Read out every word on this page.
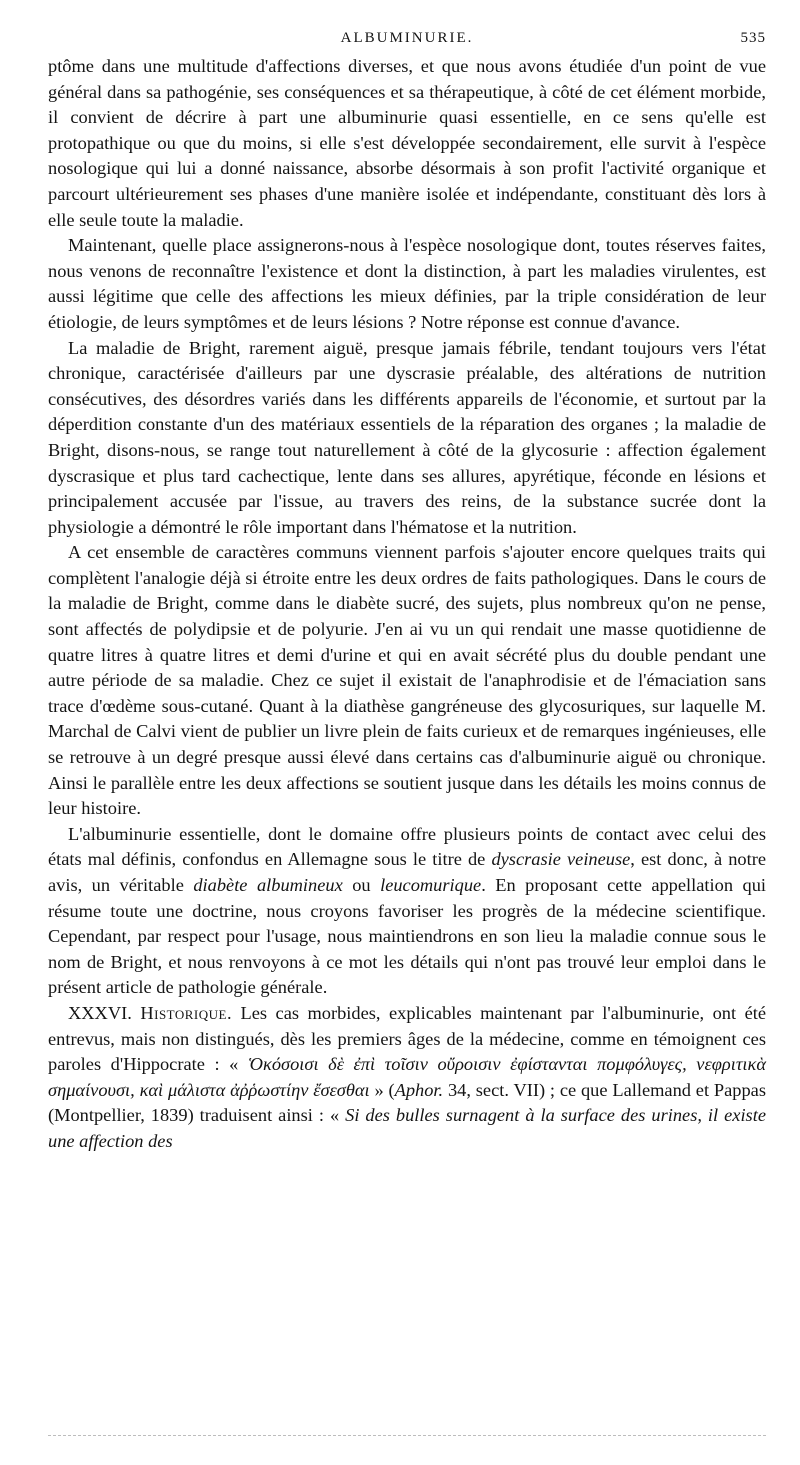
ALBUMINURIE.	535

ptôme dans une multitude d'affections diverses, et que nous avons étudiée d'un point de vue général dans sa pathogénie, ses conséquences et sa thérapeutique, à côté de cet élément morbide, il convient de décrire à part une albuminurie quasi essentielle, en ce sens qu'elle est protopathique ou que du moins, si elle s'est développée secondairement, elle survit à l'espèce nosologique qui lui a donné naissance, absorbe désormais à son profit l'activité organique et parcourt ultérieurement ses phases d'une manière isolée et indépendante, constituant dès lors à elle seule toute la maladie.

Maintenant, quelle place assignerons-nous à l'espèce nosologique dont, toutes réserves faites, nous venons de reconnaître l'existence et dont la distinction, à part les maladies virulentes, est aussi légitime que celle des affections les mieux définies, par la triple considération de leur étiologie, de leurs symptômes et de leurs lésions ? Notre réponse est connue d'avance.

La maladie de Bright, rarement aiguë, presque jamais fébrile, tendant toujours vers l'état chronique, caractérisée d'ailleurs par une dyscrasie préalable, des altérations de nutrition consécutives, des désordres variés dans les différents appareils de l'économie, et surtout par la déperdition constante d'un des matériaux essentiels de la réparation des organes ; la maladie de Bright, disons-nous, se range tout naturellement à côté de la glycosurie : affection également dyscrasique et plus tard cachectique, lente dans ses allures, apyrétique, féconde en lésions et principalement accusée par l'issue, au travers des reins, de la substance sucrée dont la physiologie a démontré le rôle important dans l'hématose et la nutrition.

A cet ensemble de caractères communs viennent parfois s'ajouter encore quelques traits qui complètent l'analogie déjà si étroite entre les deux ordres de faits pathologiques. Dans le cours de la maladie de Bright, comme dans le diabète sucré, des sujets, plus nombreux qu'on ne pense, sont affectés de polydipsie et de polyurie. J'en ai vu un qui rendait une masse quotidienne de quatre litres à quatre litres et demi d'urine et qui en avait sécrété plus du double pendant une autre période de sa maladie. Chez ce sujet il existait de l'anaphrodisie et de l'émaciation sans trace d'œdème sous-cutané. Quant à la diathèse gangréneuse des glycosuriques, sur laquelle M. Marchal de Calvi vient de publier un livre plein de faits curieux et de remarques ingénieuses, elle se retrouve à un degré presque aussi élevé dans certains cas d'albuminurie aiguë ou chronique. Ainsi le parallèle entre les deux affections se soutient jusque dans les détails les moins connus de leur histoire.

L'albuminurie essentielle, dont le domaine offre plusieurs points de contact avec celui des états mal définis, confondus en Allemagne sous le titre de dyscrasie veineuse, est donc, à notre avis, un véritable diabète albumineux ou leucomurique. En proposant cette appellation qui résume toute une doctrine, nous croyons favoriser les progrès de la médecine scientifique. Cependant, par respect pour l'usage, nous maintiendrons en son lieu la maladie connue sous le nom de Bright, et nous renvoyons à ce mot les détails qui n'ont pas trouvé leur emploi dans le présent article de pathologie générale.

XXXVI. Historique. Les cas morbides, explicables maintenant par l'albuminurie, ont été entrevus, mais non distingués, dès les premiers âges de la médecine, comme en témoignent ces paroles d'Hippocrate : « Ὁκόσοισι δὲ ἐπὶ τοῖσιν οὔροισιν ἐφίστανται πομφόλυγες, νεφριτικὰ σημαίνουσι, καὶ μάλιστα ἀῤῥωστίην ἔσεσθαι » (Aphor. 34, sect. VII) ; ce que Lallemand et Pappas (Montpellier, 1839) traduisent ainsi : « Si des bulles surnagent à la surface des urines, il existe une affection des
